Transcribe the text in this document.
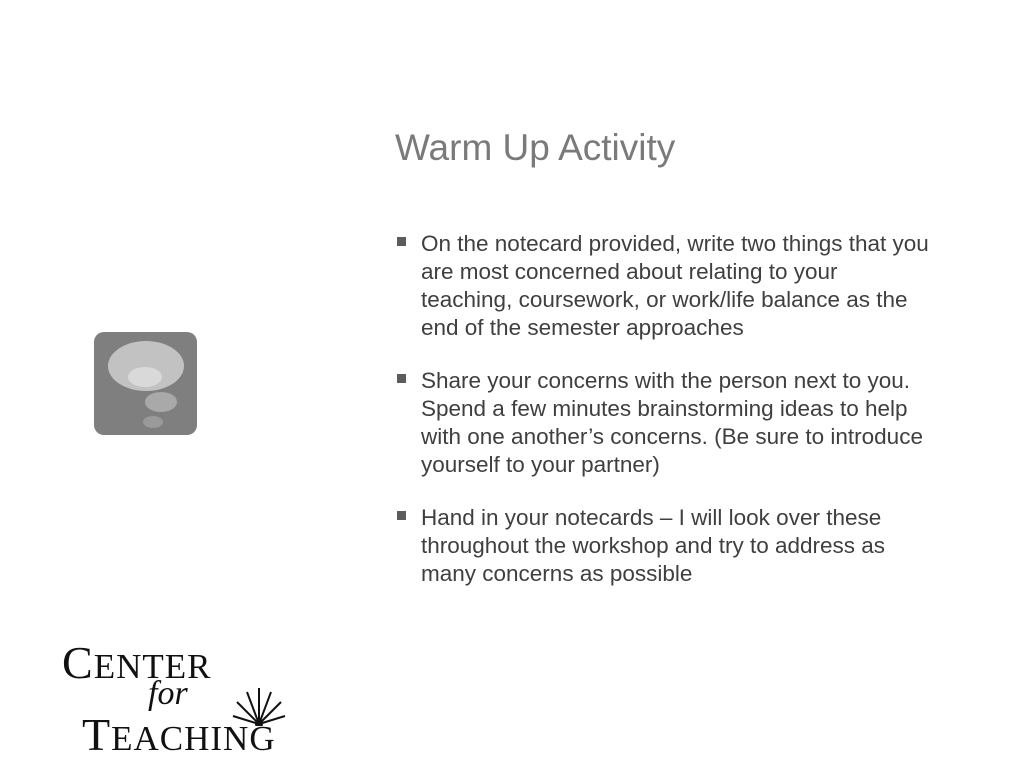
Warm Up Activity
On the notecard provided, write two things that you are most concerned about relating to your teaching, coursework, or work/life balance as the end of the semester approaches
Share your concerns with the person next to you. Spend a few minutes brainstorming ideas to help with one another’s concerns. (Be sure to introduce yourself to your partner)
Hand in your notecards – I will look over these throughout the workshop and try to address as many concerns as possible
CENTER
for
TEACHING
